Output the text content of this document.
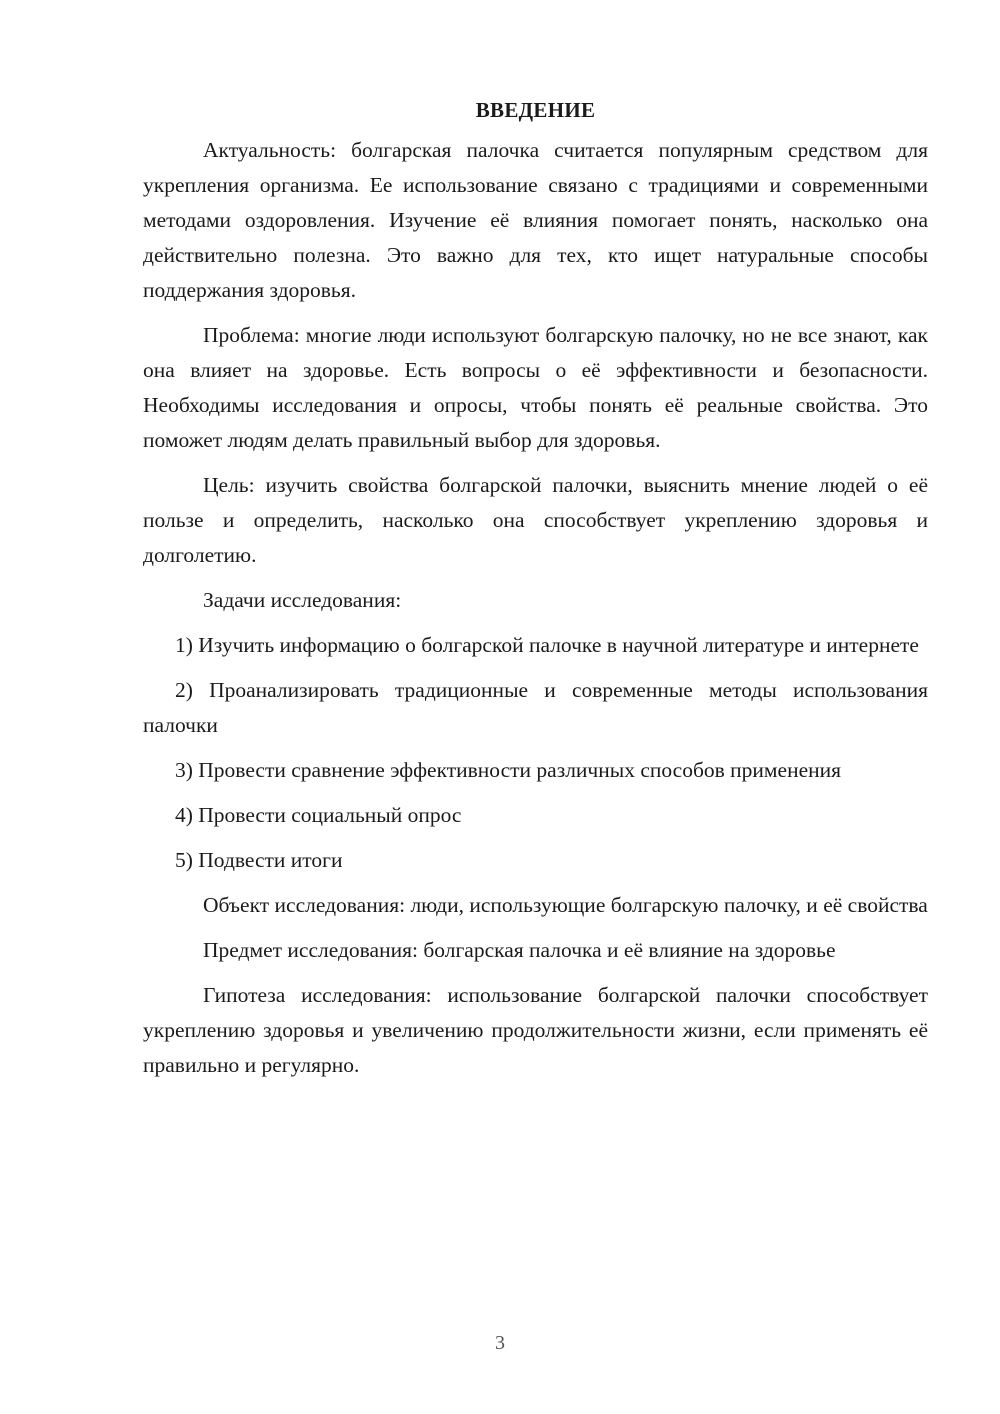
ВВЕДЕНИЕ

Актуальность: болгарская палочка считается популярным средством для укрепления организма. Ее использование связано с традициями и современными методами оздоровления. Изучение её влияния помогает понять, насколько она действительно полезна. Это важно для тех, кто ищет натуральные способы поддержания здоровья.

Проблема: многие люди используют болгарскую палочку, но не все знают, как она влияет на здоровье. Есть вопросы о её эффективности и безопасности. Необходимы исследования и опросы, чтобы понять её реальные свойства. Это поможет людям делать правильный выбор для здоровья.

Цель: изучить свойства болгарской палочки, выяснить мнение людей о её пользе и определить, насколько она способствует укреплению здоровья и долголетию.

Задачи исследования:

1) Изучить информацию о болгарской палочке в научной литературе и интернете

2) Проанализировать традиционные и современные методы использования палочки

3) Провести сравнение эффективности различных способов применения

4) Провести социальный опрос

5) Подвести итоги

Объект исследования: люди, использующие болгарскую палочку, и её свойства

Предмет исследования: болгарская палочка и её влияние на здоровье

Гипотеза исследования: использование болгарской палочки способствует укреплению здоровья и увеличению продолжительности жизни, если применять её правильно и регулярно.

3
